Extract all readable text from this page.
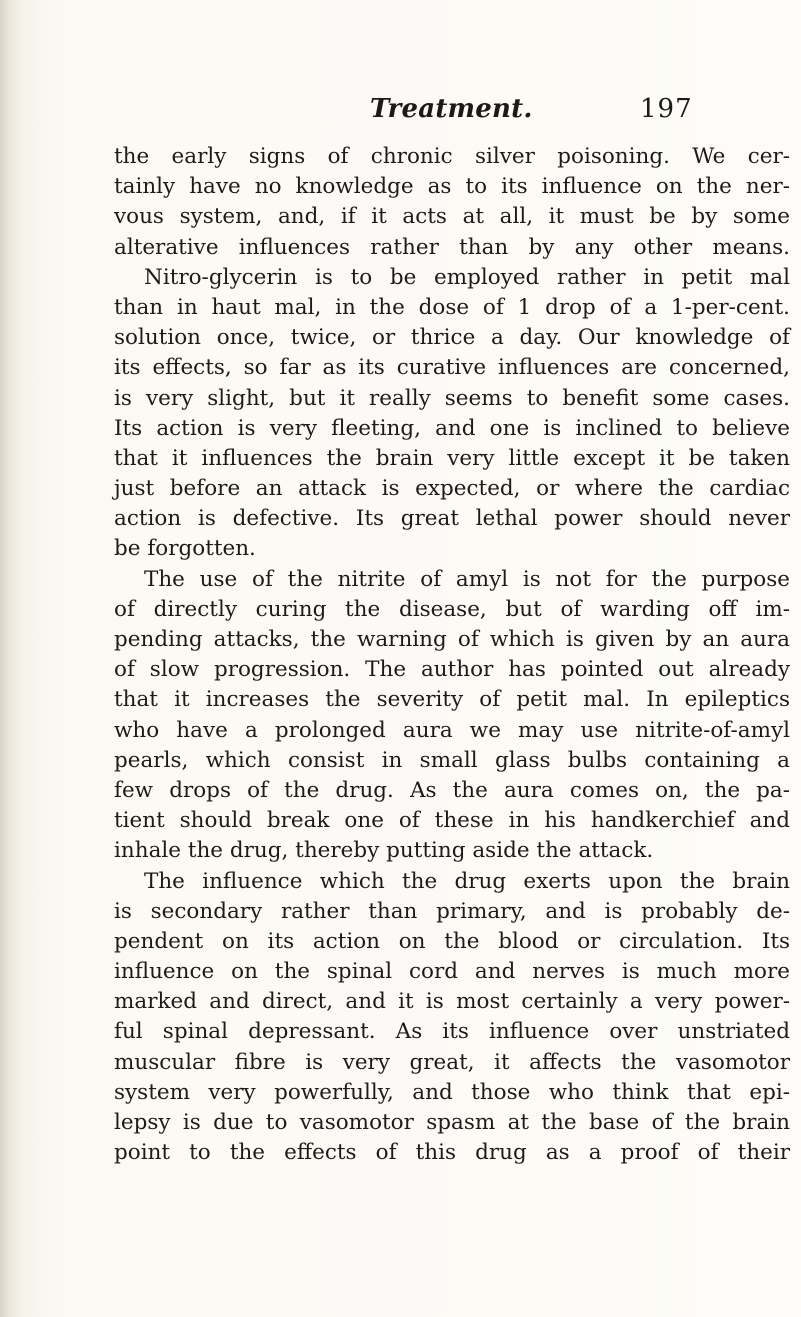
Treatment.	197
the early signs of chronic silver poisoning. We cer-
tainly have no knowledge as to its influence on the ner-
vous system, and, if it acts at all, it must be by some
alterative influences rather than by any other means.
Nitro-glycerin is to be employed rather in petit mal
than in haut mal, in the dose of 1 drop of a 1-per-cent.
solution once, twice, or thrice a day. Our knowledge of
its effects, so far as its curative influences are concerned,
is very slight, but it really seems to benefit some cases.
Its action is very fleeting, and one is inclined to believe
that it influences the brain very little except it be taken
just before an attack is expected, or where the cardiac
action is defective. Its great lethal power should never
be forgotten.
The use of the nitrite of amyl is not for the purpose
of directly curing the disease, but of warding off im-
pending attacks, the warning of which is given by an aura
of slow progression. The author has pointed out already
that it increases the severity of petit mal. In epileptics
who have a prolonged aura we may use nitrite-of-amyl
pearls, which consist in small glass bulbs containing a
few drops of the drug. As the aura comes on, the pa-
tient should break one of these in his handkerchief and
inhale the drug, thereby putting aside the attack.
The influence which the drug exerts upon the brain
is secondary rather than primary, and is probably de-
pendent on its action on the blood or circulation. Its
influence on the spinal cord and nerves is much more
marked and direct, and it is most certainly a very power-
ful spinal depressant. As its influence over unstriated
muscular fibre is very great, it affects the vasomotor
system very powerfully, and those who think that epi-
lepsy is due to vasomotor spasm at the base of the brain
point to the effects of this drug as a proof of their
